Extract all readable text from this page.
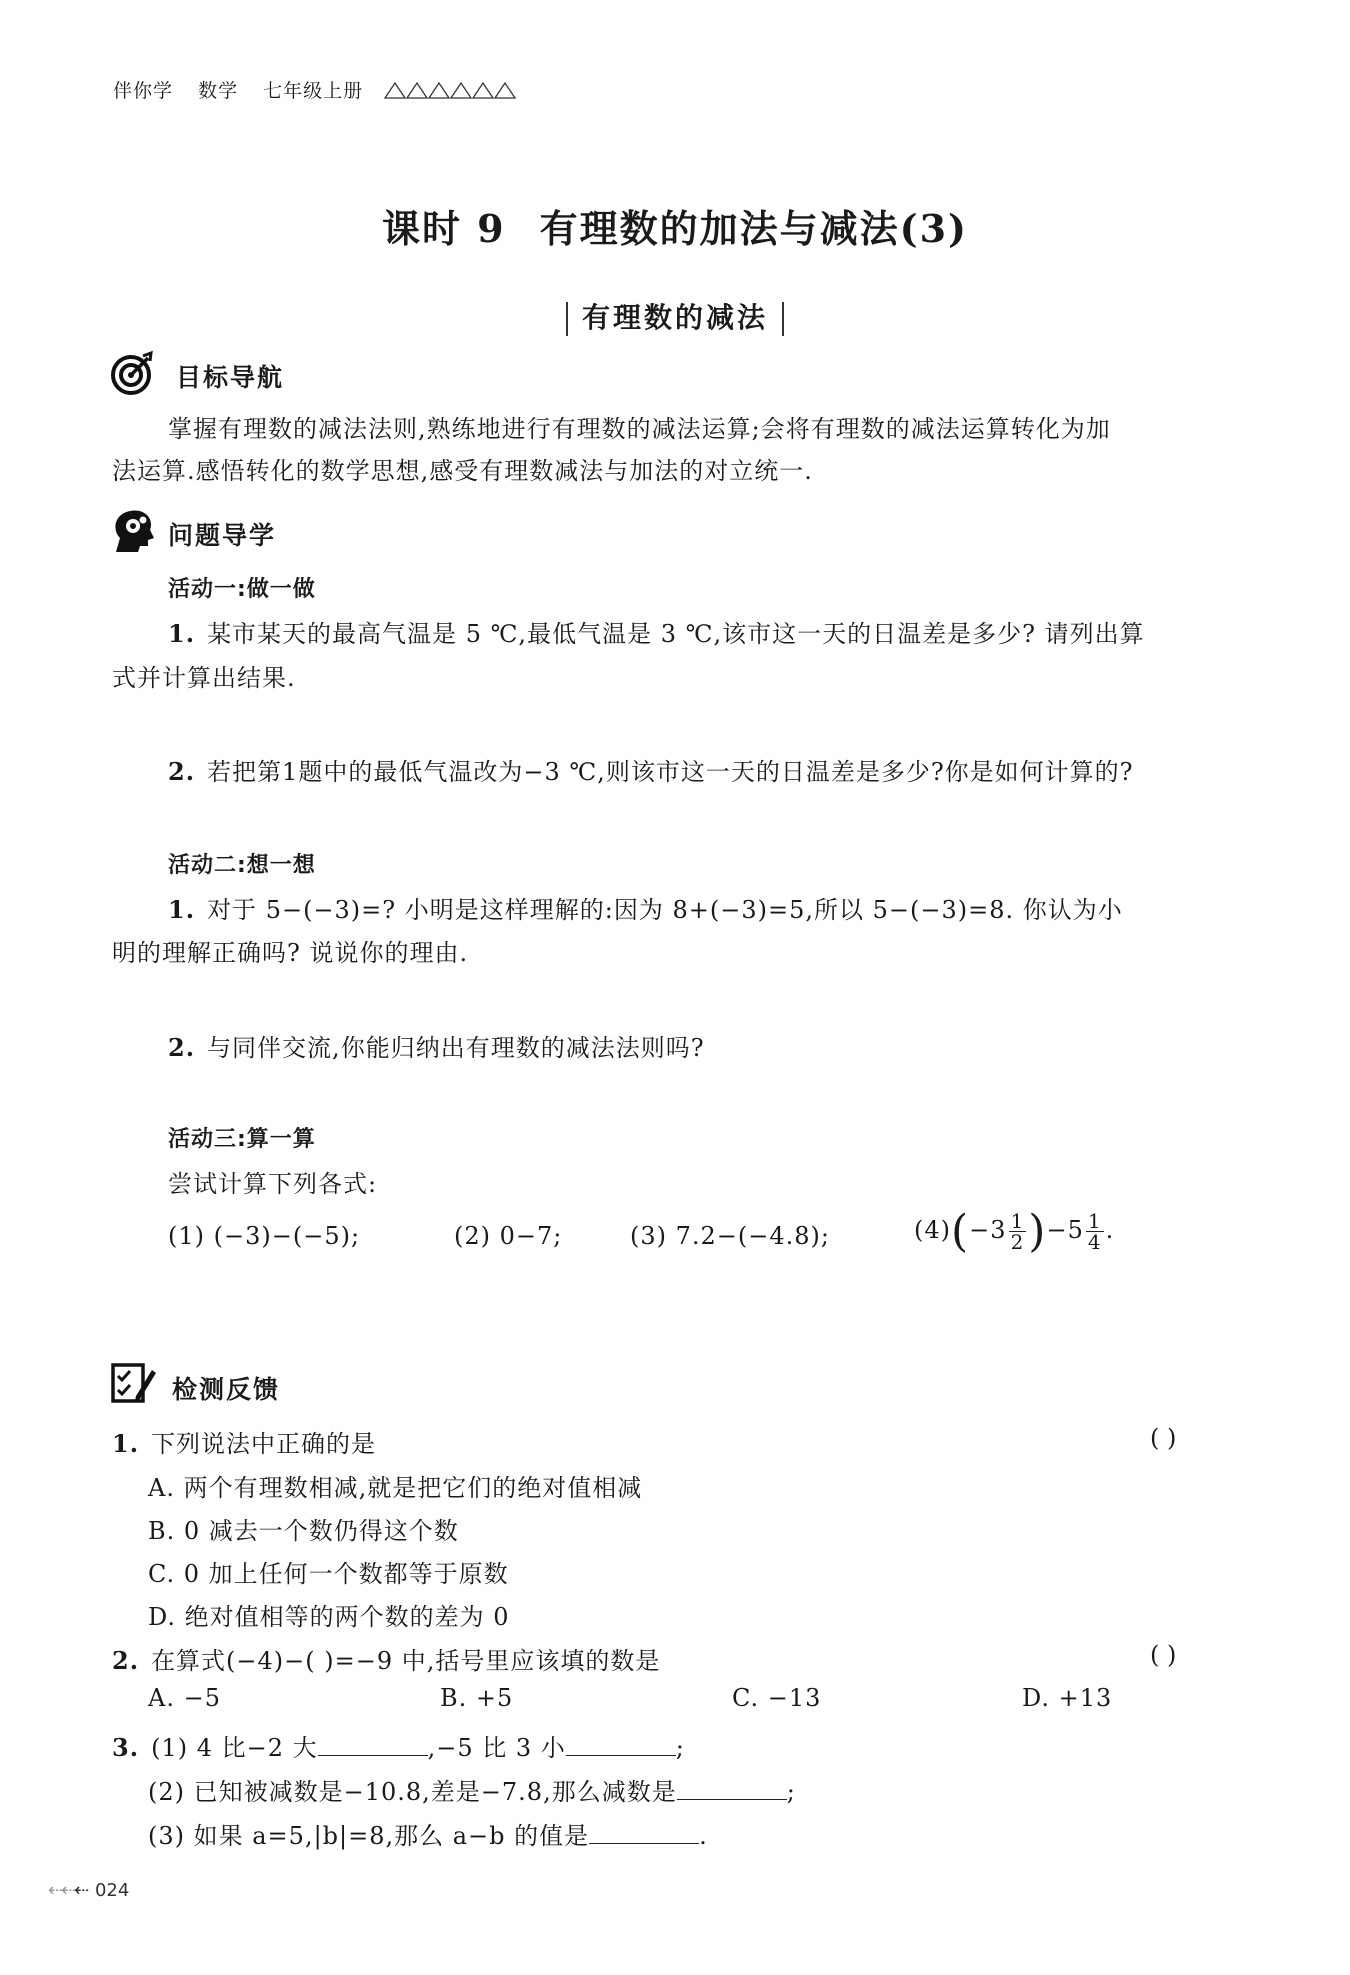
伴你学 数学 七年级上册
课时 9 有理数的加法与减法(3)
有理数的减法
目标导航
掌握有理数的减法法则,熟练地进行有理数的减法运算;会将有理数的减法运算转化为加
法运算.感悟转化的数学思想,感受有理数减法与加法的对立统一.
问题导学
活动一:做一做
1. 某市某天的最高气温是 5 ℃,最低气温是 3 ℃,该市这一天的日温差是多少? 请列出算
式并计算出结果.
2. 若把第1题中的最低气温改为−3 ℃,则该市这一天的日温差是多少?你是如何计算的?
活动二:想一想
1. 对于 5−(−3)=? 小明是这样理解的:因为 8+(−3)=5,所以 5−(−3)=8. 你认为小
明的理解正确吗? 说说你的理由.
2. 与同伴交流,你能归纳出有理数的减法法则吗?
活动三:算一算
尝试计算下列各式:
(1) (−3)−(−5);	(2) 0−7;	(3) 7.2−(−4.8);	$(4)(-3 \frac{1}{2} )-5 \frac{1}{4}$ .
检测反馈
1. 下列说法中正确的是	( )
A. 两个有理数相减,就是把它们的绝对值相减
B. 0 减去一个数仍得这个数
C. 0 加上任何一个数都等于原数
D. 绝对值相等的两个数的差为 0
2. 在算式(−4)−( )=−9 中,括号里应该填的数是	( )
A. −5	B. +5	C. −13	D. +13
3. (1) 4 比−2 大	,−5 比 3 小	;
(2) 已知被减数是−10.8,差是−7.8,那么减数是	;
(3) 如果 a=5,|b|=8,那么 a−b 的值是	.
⇠⇠⇠ 024
